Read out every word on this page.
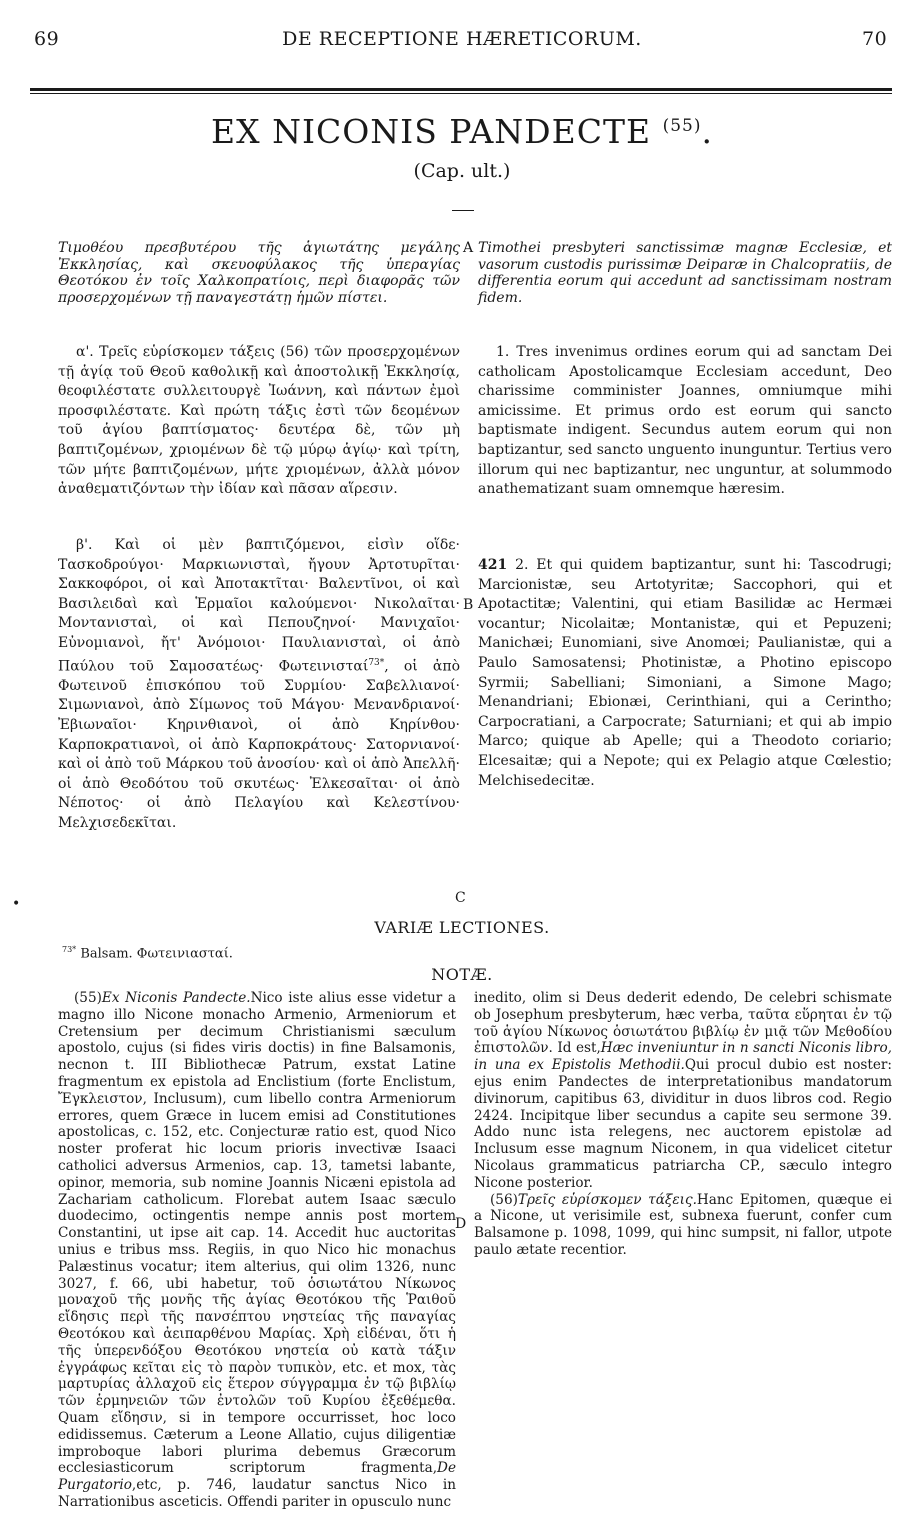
69	DE RECEPTIONE HÆRETICORUM.	70
EX NICONIS PANDECTE $^{(55)}$.
(Cap. ult.)
A
B
C
D
•
Τιμοθέου πρεσβυτέρου τῆς ἁγιωτάτης μεγάλης Ἐκκλησίας, καὶ σκευοφύλακος τῆς ὑπεραγίας Θεοτόκου ἐν τοῖς Χαλκοπρατίοις, περὶ διαφορᾶς τῶν προσερχομένων τῇ παναγεστάτῃ ἡμῶν πίστει.
α'. Τρεῖς εὑρίσκομεν τάξεις (56) τῶν προσερχομένων τῇ ἁγίᾳ τοῦ Θεοῦ καθολικῇ καὶ ἀποστολικῇ Ἐκκλησίᾳ, θεοφιλέστατε συλλειτουργὲ Ἰωάννη, καὶ πάντων ἐμοὶ προσφιλέστατε. Καὶ πρώτη τάξις ἐστὶ τῶν δεομένων τοῦ ἁγίου βαπτίσματος· δευτέρα δὲ, τῶν μὴ βαπτιζομένων, χριομένων δὲ τῷ μύρῳ ἁγίῳ· καὶ τρίτη, τῶν μήτε βαπτιζομένων, μήτε χριομένων, ἀλλὰ μόνον ἀναθεματιζόντων τὴν ἰδίαν καὶ πᾶσαν αἵρεσιν.
β'. Καὶ οἱ μὲν βαπτιζόμενοι, εἰσὶν οἵδε· Τασκοδρούγοι· Μαρκιωνισταὶ, ἤγουν Ἀρτοτυρῖται· Σακκοφόροι, οἱ καὶ Ἀποτακτῖται· Βαλεντῖνοι, οἱ καὶ Βασιλειδαὶ καὶ Ἑρμαῖοι καλούμενοι· Νικολαῖται· Μοντανισταὶ, οἱ καὶ Πεπουζηνοί· Μανιχαῖοι· Εὐνομιανοὶ, ἤτ' Ἀνόμοιοι· Παυλιανισταὶ, οἱ ἀπὸ Παύλου τοῦ Σαμοσατέως· Φωτεινισταί$^{73*}$, οἱ ἀπὸ Φωτεινοῦ ἐπισκόπου τοῦ Συρμίου· Σαβελλιανοί· Σιμωνιανοὶ, ἀπὸ Σίμωνος τοῦ Μάγου· Μενανδριανοί· Ἐβιωναῖοι· Κηρινθιανοὶ, οἱ ἀπὸ Κηρίνθου· Καρποκρατιανοὶ, οἱ ἀπὸ Καρποκράτους· Σατορνιανοί· καὶ οἱ ἀπὸ τοῦ Μάρκου τοῦ ἀνοσίου· καὶ οἱ ἀπὸ Ἀπελλῆ· οἱ ἀπὸ Θεοδότου τοῦ σκυτέως· Ἐλκεσαῖται· οἱ ἀπὸ Νέποτος· οἱ ἀπὸ Πελαγίου καὶ Κελεστίνου· Μελχισεδεκῖται.
Timothei presbyteri sanctissimæ magnæ Ecclesiæ, et vasorum custodis purissimæ Deiparæ in Chalcopratiis, de differentia eorum qui accedunt ad sanctissimam nostram fidem.
1. Tres invenimus ordines eorum qui ad sanctam Dei catholicam Apostolicamque Ecclesiam accedunt, Deo charissime comminister Joannes, omniumque mihi amicissime. Et primus ordo est eorum qui sancto baptismate indigent. Secundus autem eorum qui non baptizantur, sed sancto unguento inunguntur. Tertius vero illorum qui nec baptizantur, nec unguntur, at solummodo anathematizant suam omnemque hæresim.
421 2. Et qui quidem baptizantur, sunt hi: Tascodrugi; Marcionistæ, seu Artotyritæ; Saccophori, qui et Apotactitæ; Valentini, qui etiam Basilidæ ac Hermæi vocantur; Nicolaitæ; Montanistæ, qui et Pepuzeni; Manichæi; Eunomiani, sive Anomœi; Paulianistæ, qui a Paulo Samosatensi; Photinistæ, a Photino episcopo Syrmii; Sabelliani; Simoniani, a Simone Mago; Menandriani; Ebionæi, Cerinthiani, qui a Cerintho; Carpocratiani, a Carpocrate; Saturniani; et qui ab impio Marco; quique ab Apelle; qui a Theodoto coriario; Elcesaitæ; qui a Nepote; qui ex Pelagio atque Cœlestio; Melchisedecitæ.
VARIÆ LECTIONES.
$^{73*}$ Balsam. Φωτεινιασταί.
NOTÆ.

(55)Ex Niconis Pandecte.Nico iste alius esse videtur a magno illo Nicone monacho Armenio, Armeniorum et Cretensium per decimum Christianismi sæculum apostolo, cujus (si fides viris doctis) in fine Balsamonis, necnon t. III Bibliothecæ Patrum, exstat Latine fragmentum ex epistola ad Enclistium (forte Enclistum, Ἔγκλειστον, Inclusum), cum libello contra Armeniorum errores, quem Græce in lucem emisi ad Constitutiones apostolicas, c. 152, etc. Conjecturæ ratio est, quod Nico noster proferat hic locum prioris invectivæ Isaaci catholici adversus Armenios, cap. 13, tametsi labante, opinor, memoria, sub nomine Joannis Nicæni epistola ad Zachariam catholicum. Florebat autem Isaac sæculo duodecimo, octingentis nempe annis post mortem Constantini, ut ipse ait cap. 14. Accedit huc auctoritas unius e tribus mss. Regiis, in quo Nico hic monachus Palæstinus vocatur; item alterius, qui olim 1326, nunc 3027, f. 66, ubi habetur, τοῦ ὁσιωτάτου Νίκωνος μοναχοῦ τῆς μονῆς τῆς ἁγίας Θεοτόκου τῆς Ῥαιθοῦ εἴδησις περὶ τῆς πανσέπτου νηστείας τῆς παναγίας Θεοτόκου καὶ ἀειπαρθένου Μαρίας. Χρὴ εἰδέναι, ὅτι ἡ τῆς ὑπερενδόξου Θεοτόκου νηστεία οὐ κατὰ τάξιν ἐγγράφως κεῖται εἰς τὸ παρὸν τυπικὸν, etc. et mox, τὰς μαρτυρίας ἀλλαχοῦ εἰς ἕτερον σύγγραμμα ἐν τῷ βιβλίῳ τῶν ἑρμηνειῶν τῶν ἐντολῶν τοῦ Κυρίου ἐξεθέμεθα. Quam εἴδησιν, si in tempore occurrisset, hoc loco edidissemus. Cæterum a Leone Allatio, cujus diligentiæ improboque labori plurima debemus Græcorum ecclesiasticorum scriptorum fragmenta,De Purgatorio,etc, p. 746, laudatur sanctus Nico in Narrationibus asceticis. Offendi pariter in opusculo nunc

inedito, olim si Deus dederit edendo, De celebri schismate ob Josephum presbyterum, hæc verba, ταῦτα εὕρηται ἐν τῷ τοῦ ἁγίου Νίκωνος ὁσιωτάτου βιβλίῳ ἐν μιᾷ τῶν Μεθοδίου ἐπιστολῶν. Id est,Hæc inveniuntur in n sancti Niconis libro, in una ex Epistolis Methodii.Qui procul dubio est noster: ejus enim Pandectes de interpretationibus mandatorum divinorum, capitibus 63, dividitur in duos libros cod. Regio 2424. Incipitque liber secundus a capite seu sermone 39. Addo nunc ista relegens, nec auctorem epistolæ ad Inclusum esse magnum Niconem, in qua videlicet citetur Nicolaus grammaticus patriarcha CP., sæculo integro Nicone posterior.

(56)Τρεῖς εὑρίσκομεν τάξεις.Hanc Epitomen, quæque ei a Nicone, ut verisimile est, subnexa fuerunt, confer cum Balsamone p. 1098, 1099, qui hinc sumpsit, ni fallor, utpote paulo ætate recentior.
